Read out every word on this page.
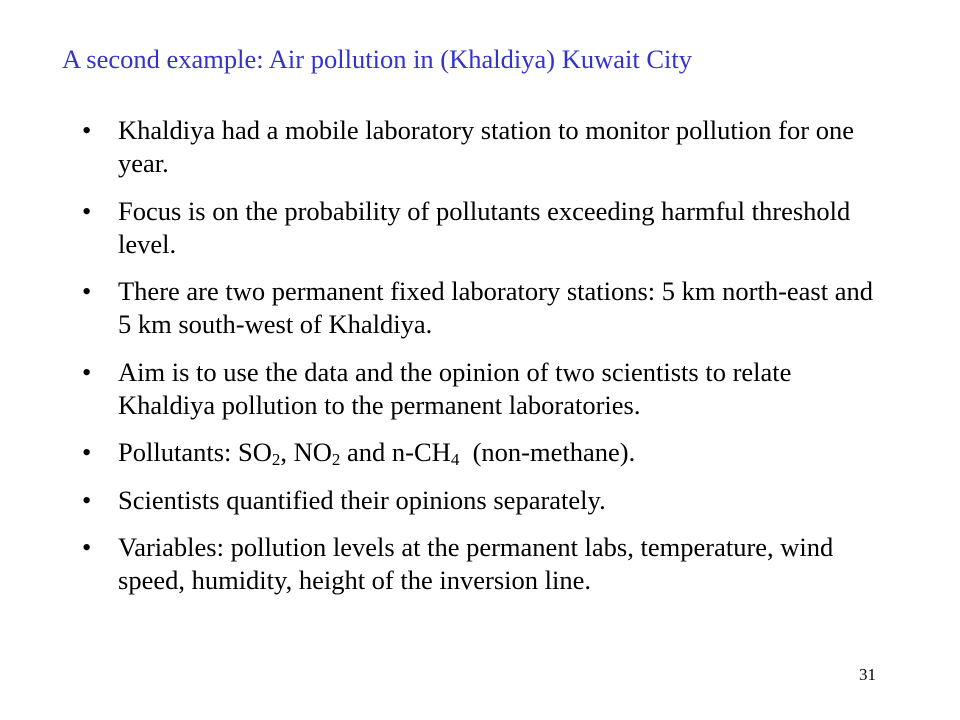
A second example: Air pollution in (Khaldiya) Kuwait City
• Khaldiya had a mobile laboratory station to monitor pollution for one year.
• Focus is on the probability of pollutants exceeding harmful threshold level.
• There are two permanent fixed laboratory stations: 5 km north-east and 5 km south-west of Khaldiya.
• Aim is to use the data and the opinion of two scientists to relate Khaldiya pollution to the permanent laboratories.
• Pollutants: $SO_2$, $NO_2$ and $n-CH_4$  (non-methane).
• Scientists quantified their opinions separately.
• Variables: pollution levels at the permanent labs, temperature, wind speed, humidity, height of the inversion line.
31
